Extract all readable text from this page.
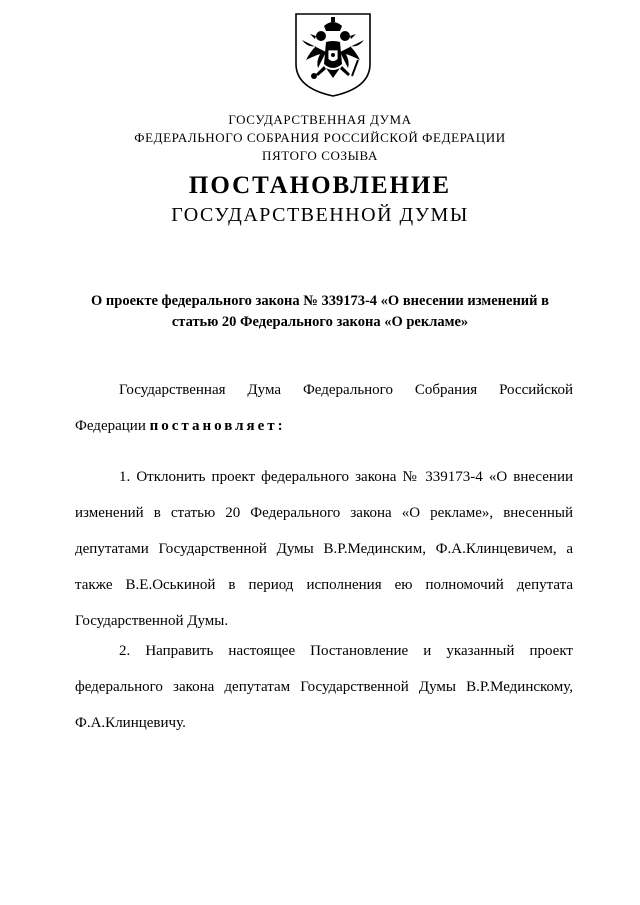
ГОСУДАРСТВЕННАЯ ДУМА
ФЕДЕРАЛЬНОГО СОБРАНИЯ РОССИЙСКОЙ ФЕДЕРАЦИИ
ПЯТОГО СОЗЫВА
ПОСТАНОВЛЕНИЕ
ГОСУДАРСТВЕННОЙ ДУМЫ
О проекте федерального закона № 339173-4 «О внесении изменений в
статью 20 Федерального закона «О рекламе»
Государственная Дума Федерального Собрания Российской
Федерации постановляет:
1. Отклонить проект федерального закона № 339173-4 «О внесении
изменений в статью 20 Федерального закона «О рекламе», внесенный
депутатами Государственной Думы В.Р.Мединским, Ф.А.Клинцевичем, а
также В.Е.Оськиной в период исполнения ею полномочий депутата
Государственной Думы.
2. Направить настоящее Постановление и указанный проект
федерального закона депутатам Государственной Думы В.Р.Мединскому,
Ф.А.Клинцевичу.
